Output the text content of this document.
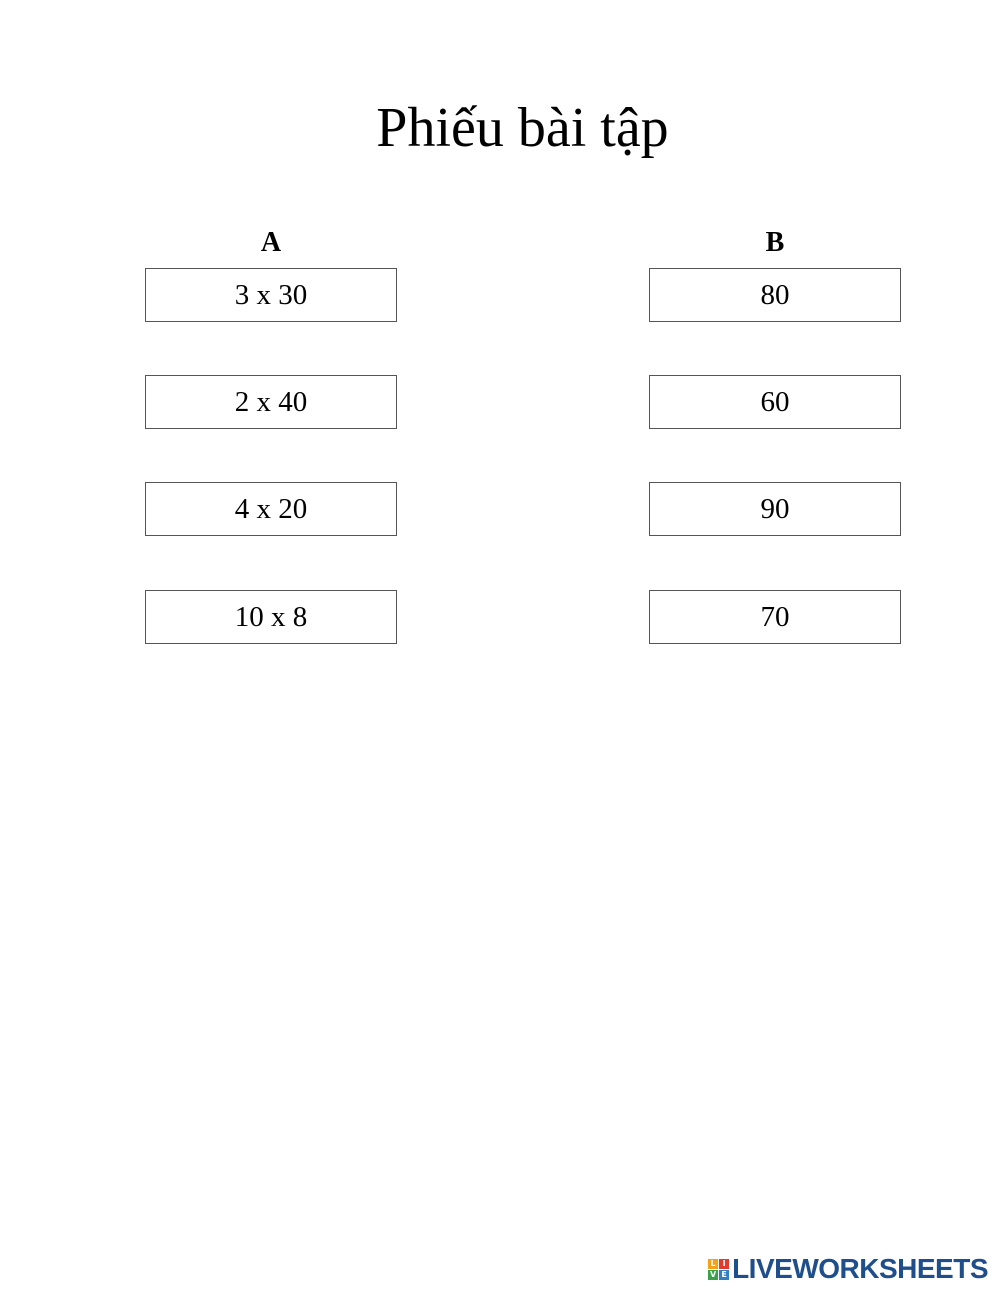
Phiếu bài tập
A	B
3 x 30
2 x 40
4 x 20
10 x 8
80
60
90
70
L I
V E LIVEWORKSHEETS
